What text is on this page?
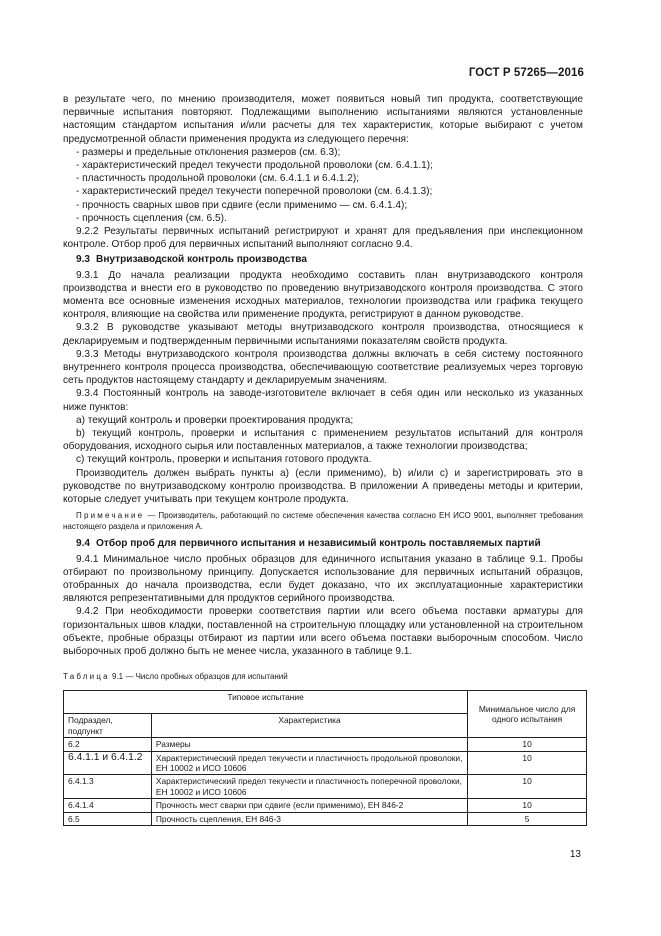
ГОСТ Р 57265—2016

в результате чего, по мнению производителя, может появиться новый тип продукта, соответствующие первичные испытания повторяют. Подлежащими выполнению испытаниями являются установленные настоящим стандартом испытания и/или расчеты для тех характеристик, которые выбирают с учетом предусмотренной области применения продукта из следующего перечня:

- размеры и предельные отклонения размеров (см. 6.3);

- характеристический предел текучести продольной проволоки (см. 6.4.1.1);

- пластичность продольной проволоки (см. 6.4.1.1 и 6.4.1.2);

- характеристический предел текучести поперечной проволоки (см. 6.4.1.3);

- прочность сварных швов при сдвиге (если применимо — см. 6.4.1.4);

- прочность сцепления (см. 6.5).

9.2.2 Результаты первичных испытаний регистрируют и хранят для предъявления при инспекционном контроле. Отбор проб для первичных испытаний выполняют согласно 9.4.

9.3 Внутризаводской контроль производства

9.3.1 До начала реализации продукта необходимо составить план внутризаводского контроля производства и внести его в руководство по проведению внутризаводского контроля производства. С этого момента все основные изменения исходных материалов, технологии производства или графика текущего контроля, влияющие на свойства или применение продукта, регистрируют в данном руководстве.

9.3.2 В руководстве указывают методы внутризаводского контроля производства, относящиеся к декларируемым и подтвержденным первичными испытаниями показателям свойств продукта.

9.3.3 Методы внутризаводского контроля производства должны включать в себя систему постоянного внутреннего контроля процесса производства, обеспечивающую соответствие реализуемых через торговую сеть продуктов настоящему стандарту и декларируемым значениям.

9.3.4 Постоянный контроль на заводе-изготовителе включает в себя один или несколько из указанных ниже пунктов:

а) текущий контроль и проверки проектирования продукта;

b) текущий контроль, проверки и испытания с применением результатов испытаний для контроля оборудования, исходного сырья или поставленных материалов, а также технологии производства;

с) текущий контроль, проверки и испытания готового продукта.

Производитель должен выбрать пункты а) (если применимо), b) и/или с) и зарегистрировать это в руководстве по внутризаводскому контролю производства. В приложении А приведены методы и критерии, которые следует учитывать при текущем контроле продукта.

Примечание — Производитель, работающий по системе обеспечения качества согласно ЕН ИСО 9001, выполняет требования настоящего раздела и приложения А.

9.4 Отбор проб для первичного испытания и независимый контроль поставляемых партий

9.4.1 Минимальное число пробных образцов для единичного испытания указано в таблице 9.1. Пробы отбирают по произвольному принципу. Допускается использование для первичных испытаний образцов, отобранных до начала производства, если будет доказано, что их эксплуатационные характеристики являются репрезентативными для продуктов серийного производства.

9.4.2 При необходимости проверки соответствия партии или всего объема поставки арматуры для горизонтальных швов кладки, поставленной на строительную площадку или установленной на строительном объекте, пробные образцы отбирают из партии или всего объема поставки выборочным способом. Число выборочных проб должно быть не менее числа, указанного в таблице 9.1.

Таблица 9.1 — Число пробных образцов для испытаний

Типовое испытание		Минимальное число для одного испытания
Подраздел, подпункт	Характеристика	
6.2	Размеры	10
6.4.1.1 и 6.4.1.2	Характеристический предел текучести и пластичность продольной проволоки, ЕН 10002 и ИСО 10606	10
6.4.1.3	Характеристический предел текучести и пластичность поперечной проволоки, ЕН 10002 и ИСО 10606	10
6.4.1.4	Прочность мест сварки при сдвиге (если применимо), ЕН 846-2	10
6.5	Прочность сцепления, ЕН 846-3	5
13
